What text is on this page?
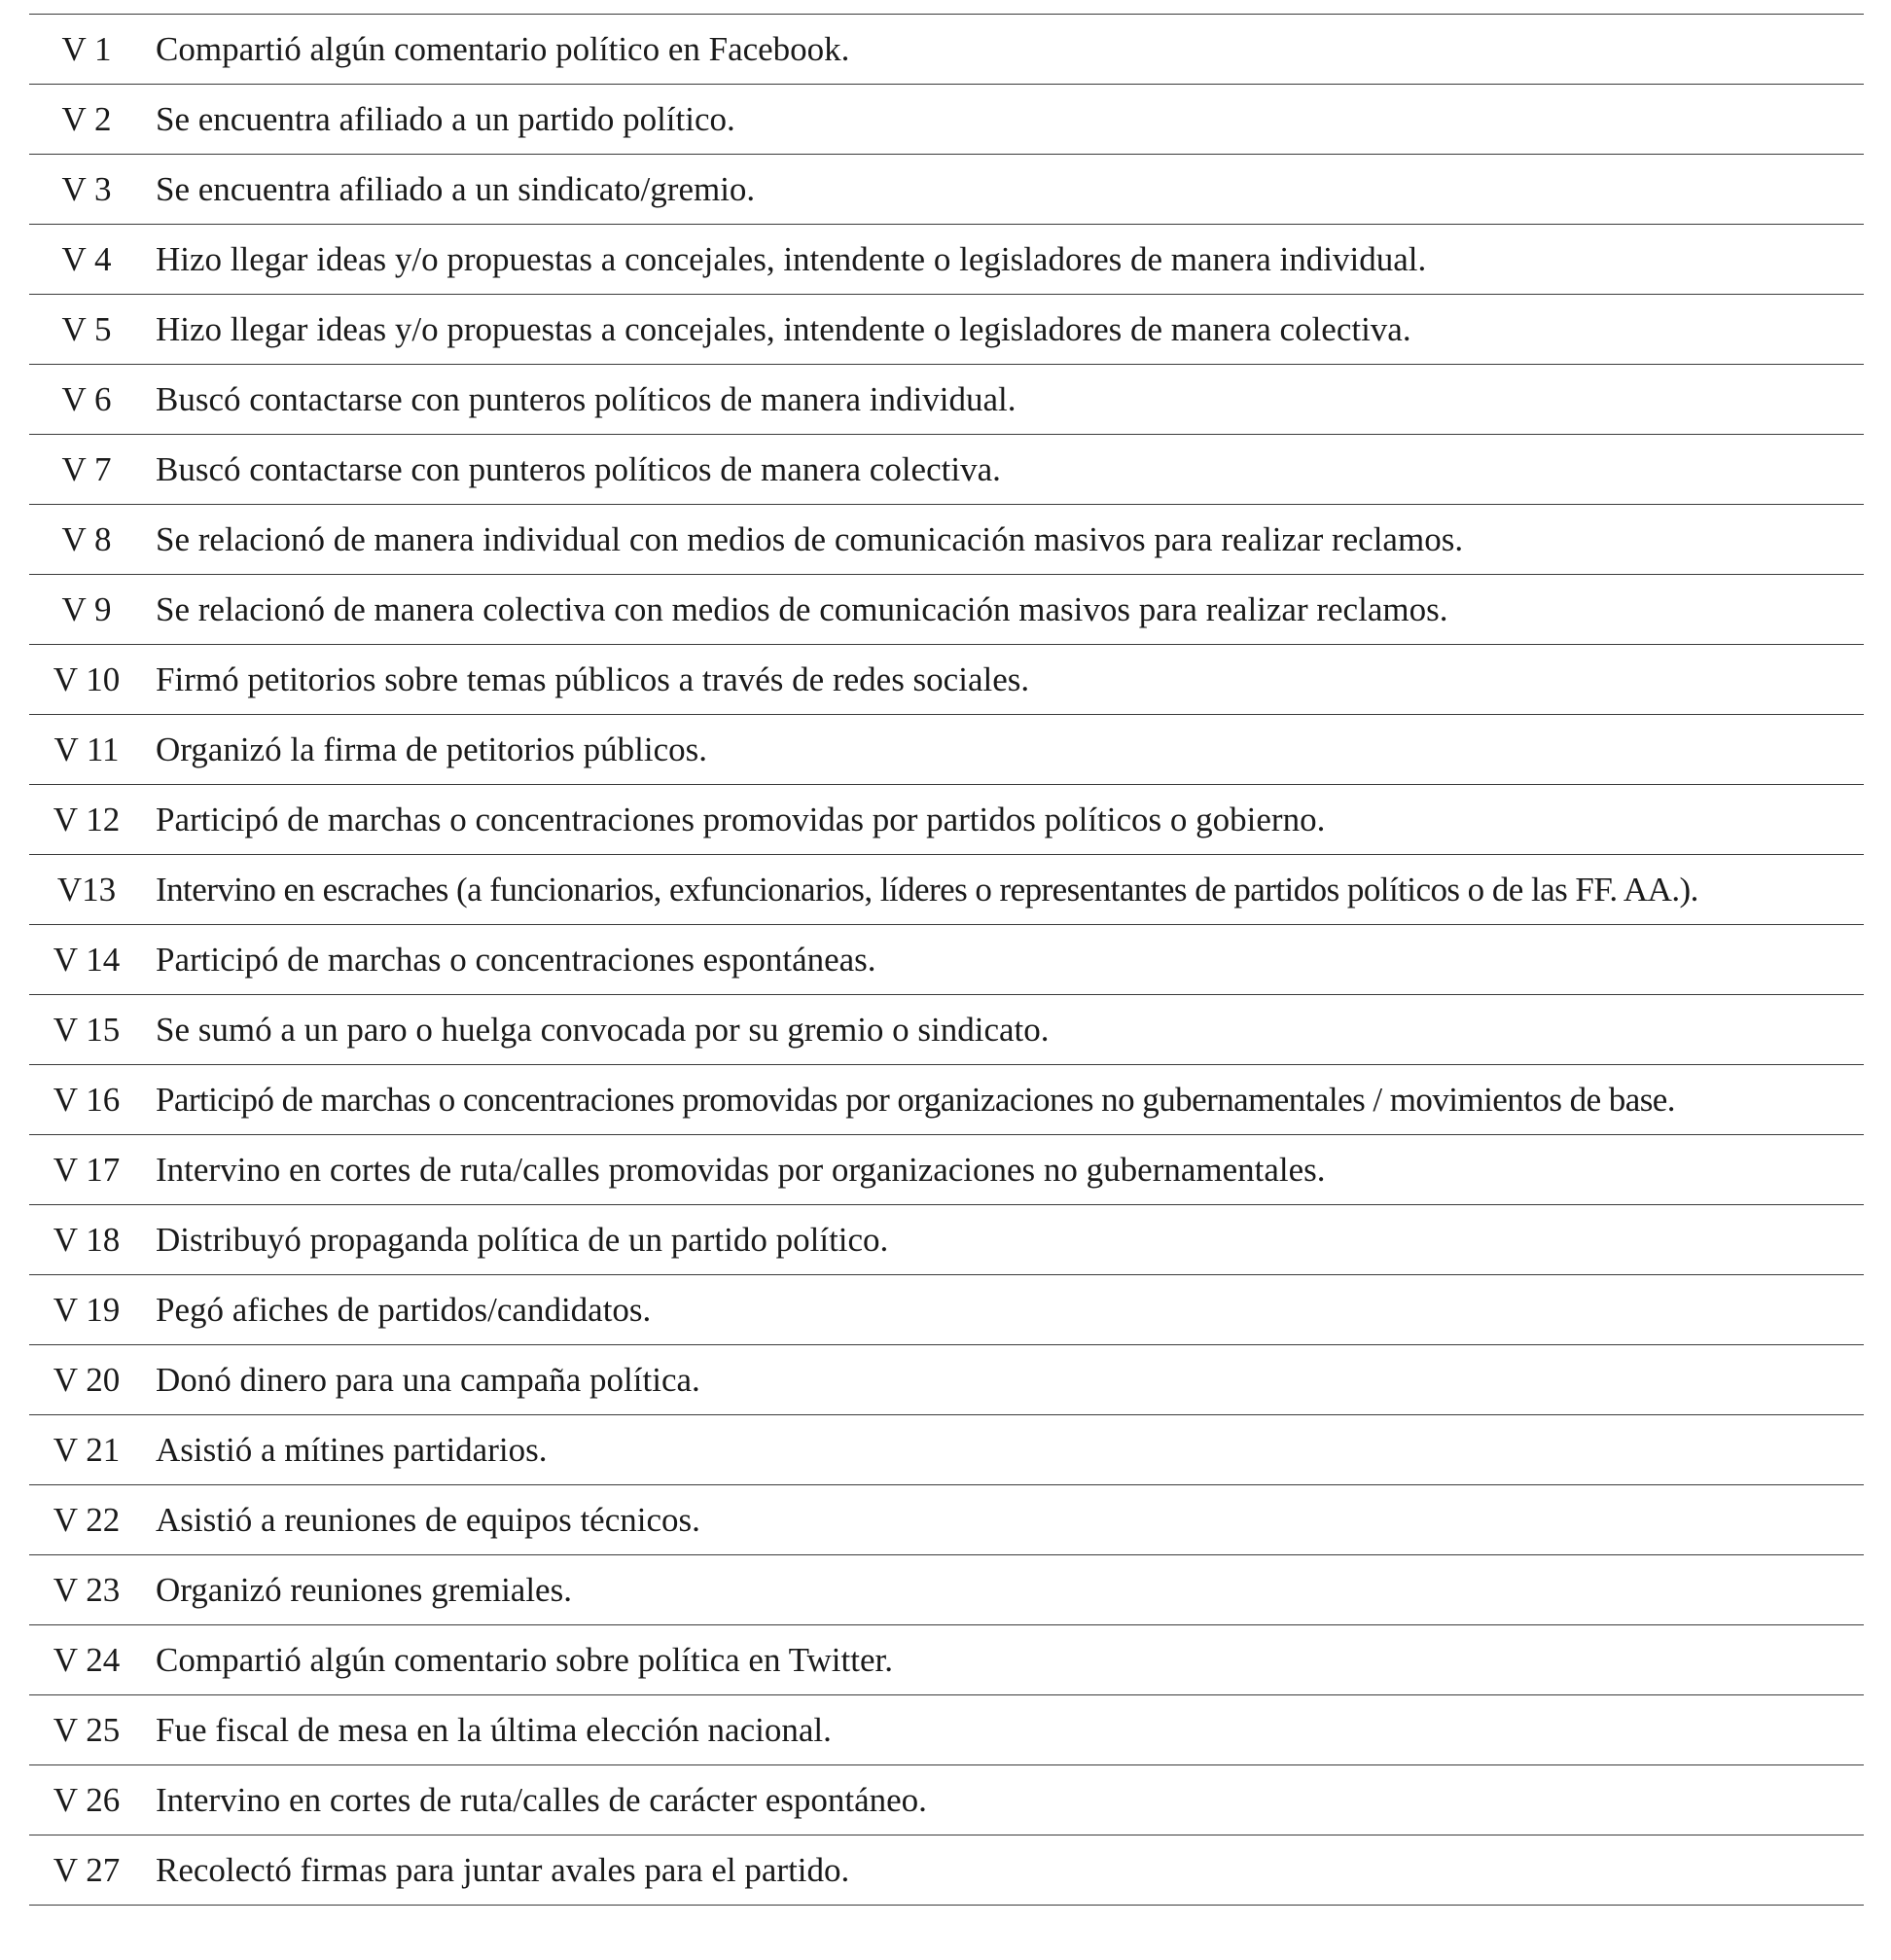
V 1	Compartió algún comentario político en Facebook.
V 2	Se encuentra afiliado a un partido político.
V 3	Se encuentra afiliado a un sindicato/gremio.
V 4	Hizo llegar ideas y/o propuestas a concejales, intendente o legisladores de manera individual.
V 5	Hizo llegar ideas y/o propuestas a concejales, intendente o legisladores de manera colectiva.
V 6	Buscó contactarse con punteros políticos de manera individual.
V 7	Buscó contactarse con punteros políticos de manera colectiva.
V 8	Se relacionó de manera individual con medios de comunicación masivos para realizar reclamos.
V 9	Se relacionó de manera colectiva con medios de comunicación masivos para realizar reclamos.
V 10	Firmó petitorios sobre temas públicos a través de redes sociales.
V 11	Organizó la firma de petitorios públicos.
V 12	Participó de marchas o concentraciones promovidas por partidos políticos o gobierno.
V13	Intervino en escraches (a funcionarios, exfuncionarios, líderes o representantes de partidos políticos o de las FF. AA.).
V 14	Participó de marchas o concentraciones espontáneas.
V 15	Se sumó a un paro o huelga convocada por su gremio o sindicato.
V 16	Participó de marchas o concentraciones promovidas por organizaciones no gubernamentales / movimientos de base.
V 17	Intervino en cortes de ruta/calles promovidas por organizaciones no gubernamentales.
V 18	Distribuyó propaganda política de un partido político.
V 19	Pegó afiches de partidos/candidatos.
V 20	Donó dinero para una campaña política.
V 21	Asistió a mítines partidarios.
V 22	Asistió a reuniones de equipos técnicos.
V 23	Organizó reuniones gremiales.
V 24	Compartió algún comentario sobre política en Twitter.
V 25	Fue fiscal de mesa en la última elección nacional.
V 26	Intervino en cortes de ruta/calles de carácter espontáneo.
V 27	Recolectó firmas para juntar avales para el partido.
